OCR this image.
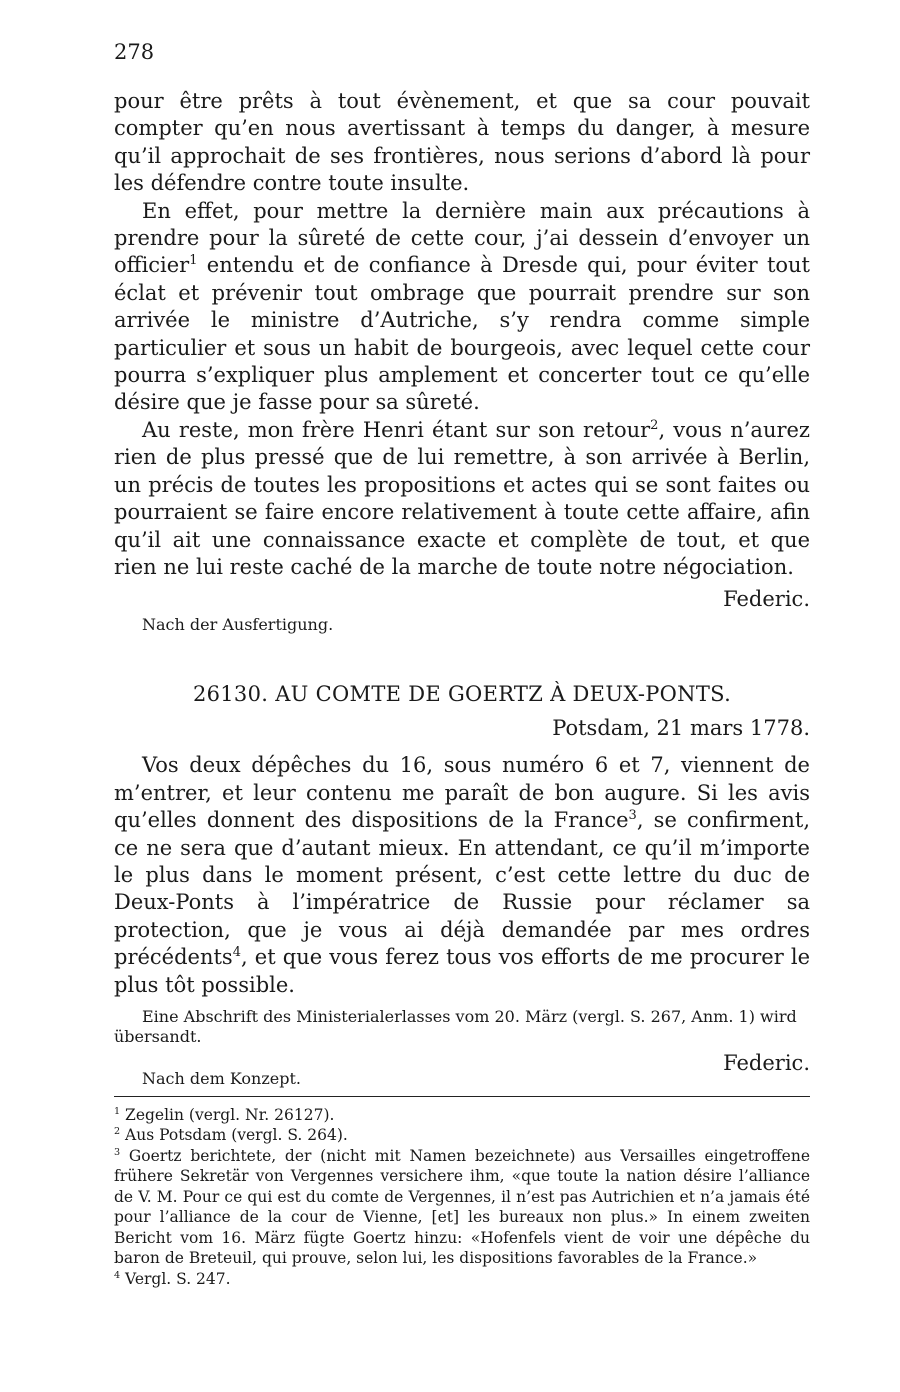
278

pour être prêts à tout évènement, et que sa cour pouvait compter qu’en nous avertissant à temps du danger, à mesure qu’il approchait de ses frontières, nous serions d’abord là pour les défendre contre toute insulte.

En effet, pour mettre la dernière main aux précautions à prendre pour la sûreté de cette cour, j’ai dessein d’envoyer un officier$^1$ entendu et de confiance à Dresde qui, pour éviter tout éclat et prévenir tout ombrage que pourrait prendre sur son arrivée le ministre d’Autriche, s’y rendra comme simple particulier et sous un habit de bourgeois, avec lequel cette cour pourra s’expliquer plus amplement et concerter tout ce qu’elle désire que je fasse pour sa sûreté.

Au reste, mon frère Henri étant sur son retour$^2$, vous n’aurez rien de plus pressé que de lui remettre, à son arrivée à Berlin, un précis de toutes les propositions et actes qui se sont faites ou pourraient se faire encore relativement à toute cette affaire, afin qu’il ait une connaissance exacte et complète de tout, et que rien ne lui reste caché de la marche de toute notre négociation.

Federic.
Nach der Ausfertigung.
26130. AU COMTE DE GOERTZ À DEUX-PONTS.
Potsdam, 21 mars 1778.

Vos deux dépêches du 16, sous numéro 6 et 7, viennent de m’entrer, et leur contenu me paraît de bon augure. Si les avis qu’elles donnent des dispositions de la France$^3$, se confirment, ce ne sera que d’autant mieux. En attendant, ce qu’il m’importe le plus dans le moment présent, c’est cette lettre du duc de Deux-Ponts à l’impératrice de Russie pour réclamer sa protection, que je vous ai déjà demandée par mes ordres précédents$^4$, et que vous ferez tous vos efforts de me procurer le plus tôt possible.

Eine Abschrift des Ministerialerlasses vom 20. März (vergl. S. 267, Anm. 1) wird übersandt.

Federic.
Nach dem Konzept.

$^1$ Zegelin (vergl. Nr. 26127).

$^2$ Aus Potsdam (vergl. S. 264).

$^3$ Goertz berichtete, der (nicht mit Namen bezeichnete) aus Versailles eingetroffene frühere Sekretär von Vergennes versichere ihm, «que toute la nation désire l’alliance de V. M. Pour ce qui est du comte de Vergennes, il n’est pas Autrichien et n’a jamais été pour l’alliance de la cour de Vienne, [et] les bureaux non plus.» In einem zweiten Bericht vom 16. März fügte Goertz hinzu: «Hofenfels vient de voir une dépêche du baron de Breteuil, qui prouve, selon lui, les dispositions favorables de la France.»

$^4$ Vergl. S. 247.
